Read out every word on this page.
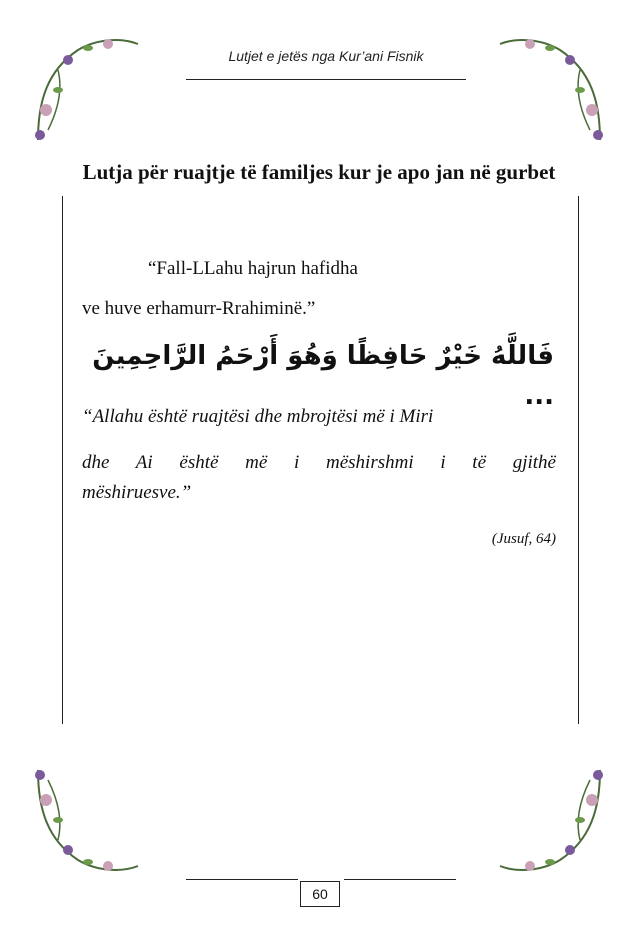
Lutjet e jetës nga Kur’ani Fisnik
Lutja për ruajtje të familjes kur je apo jan në gurbet
“Fall-LLahu hajrun hafidha
ve huve erhamurr-Rrahiminë.”
فَاللَّهُ خَيْرٌ حَافِظًا وَهُوَ أَرْحَمُ الرَّاحِمِينَ ...
“Allahu është ruajtësi dhe mbrojtësi më i Miri
dhe Ai është më i mëshirshmi i të gjithë
mëshiruesve.”
(Jusuf, 64)
60
